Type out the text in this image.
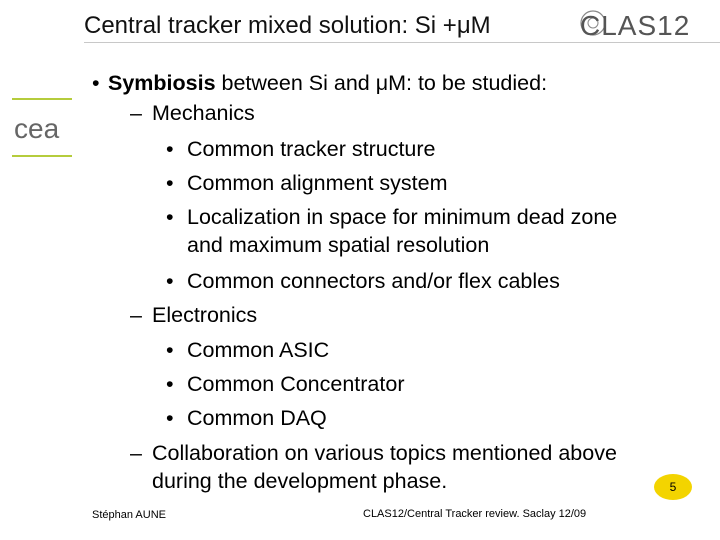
Central tracker mixed solution: Si +μM	CLAS12
cea
• Symbiosis between Si and μM: to be studied:
– Mechanics
• Common tracker structure
• Common alignment system
• Localization in space for minimum dead zone
and maximum spatial resolution
• Common connectors and/or flex cables
– Electronics
• Common ASIC
• Common Concentrator
• Common DAQ
– Collaboration on various topics mentioned above
during the development phase.
Stéphan AUNE	CLAS12/Central Tracker review. Saclay 12/09
5
